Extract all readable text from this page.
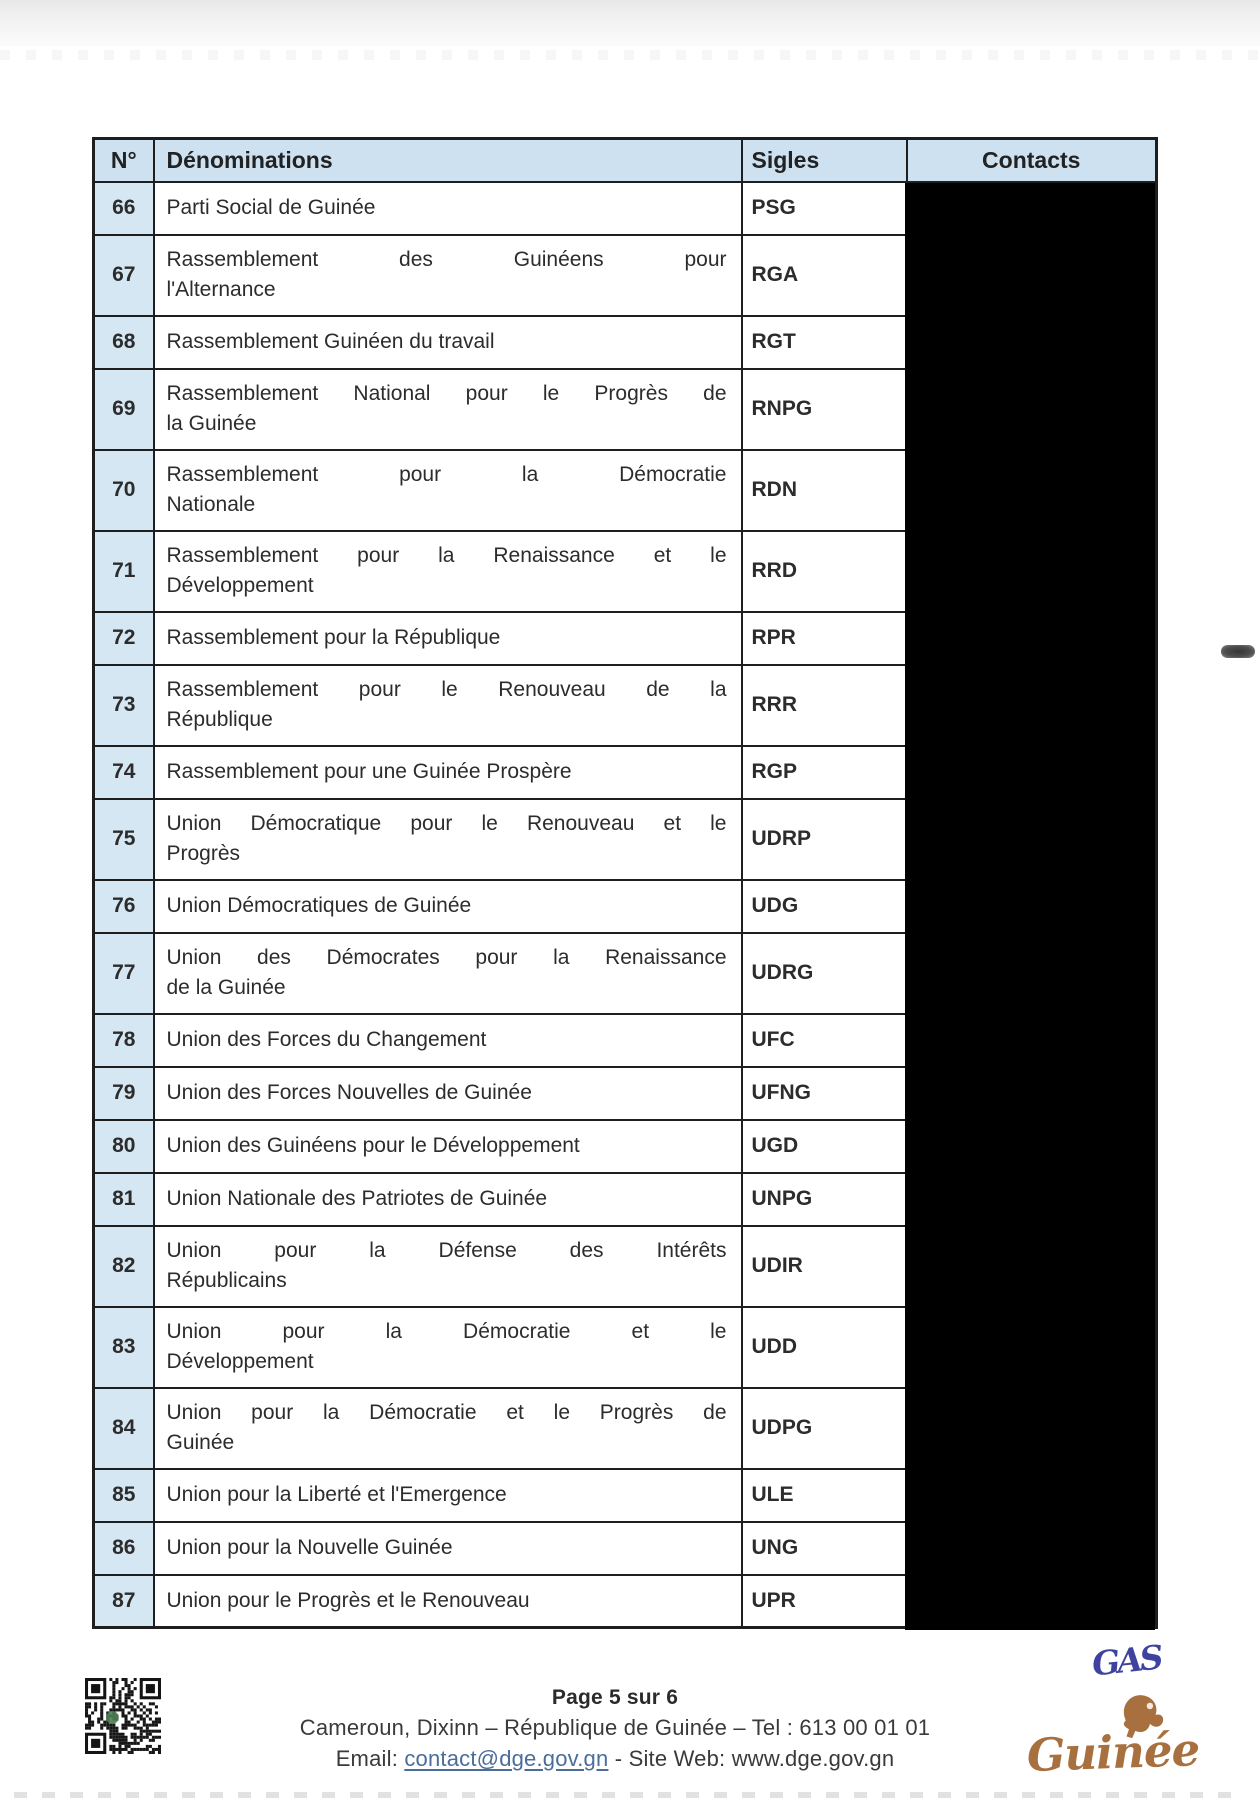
N°	Dénominations	Sigles	Contacts
66	Parti Social de Guinée	PSG	
67	Rassemblement des Guinéens pour
l'Alternance	RGA	
68	Rassemblement Guinéen du travail	RGT	
69	Rassemblement National pour le Progrès de
la Guinée	RNPG	
70	Rassemblement pour la Démocratie
Nationale	RDN	
71	Rassemblement pour la Renaissance et le
Développement	RRD	
72	Rassemblement pour la République	RPR	
73	Rassemblement pour le Renouveau de la
République	RRR	
74	Rassemblement pour une Guinée Prospère	RGP	
75	Union Démocratique pour le Renouveau et le
Progrès	UDRP	
76	Union Démocratiques de Guinée	UDG	
77	Union des Démocrates pour la Renaissance
de la Guinée	UDRG	
78	Union des Forces du Changement	UFC	
79	Union des Forces Nouvelles de Guinée	UFNG	
80	Union des Guinéens pour le Développement	UGD	
81	Union Nationale des Patriotes de Guinée	UNPG	
82	Union pour la Défense des Intérêts
Républicains	UDIR	
83	Union pour la Démocratie et le
Développement	UDD	
84	Union pour la Démocratie et le Progrès de
Guinée	UDPG	
85	Union pour la Liberté et l'Emergence	ULE	
86	Union pour la Nouvelle Guinée	UNG	
87	Union pour le Progrès et le Renouveau	UPR	
GAS
Page 5 sur 6
Cameroun, Dixinn – République de Guinée – Tel : 613 00 01 01
Email: contact@dge.gov.gn - Site Web: www.dge.gov.gn	Guinée
